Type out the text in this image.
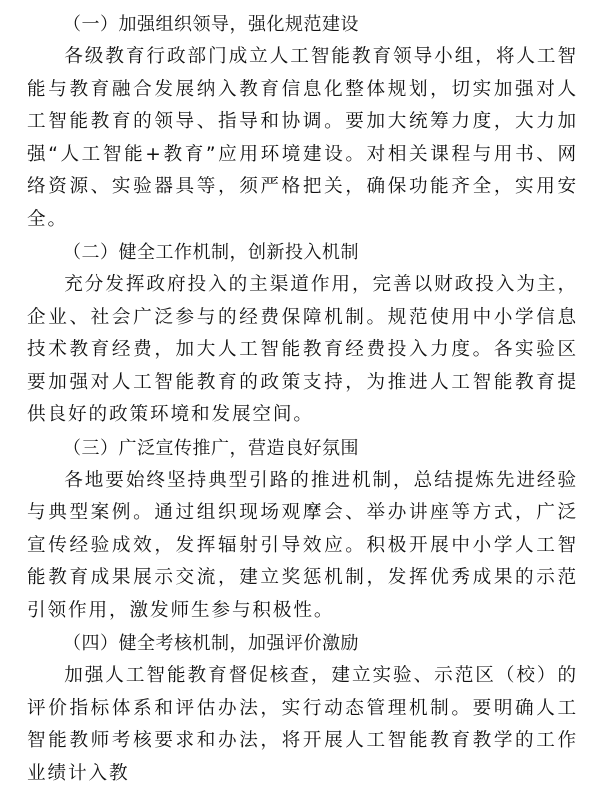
（一）加强组织领导，强化规范建设

各级教育行政部门成立人工智能教育领导小组，将人工智能与教育融合发展纳入教育信息化整体规划，切实加强对人工智能教育的领导、指导和协调。要加大统筹力度，大力加强“人工智能+教育”应用环境建设。对相关课程与用书、网络资源、实验器具等，须严格把关，确保功能齐全，实用安全。

（二）健全工作机制，创新投入机制

充分发挥政府投入的主渠道作用，完善以财政投入为主，企业、社会广泛参与的经费保障机制。规范使用中小学信息技术教育经费，加大人工智能教育经费投入力度。各实验区要加强对人工智能教育的政策支持，为推进人工智能教育提供良好的政策环境和发展空间。

（三）广泛宣传推广，营造良好氛围

各地要始终坚持典型引路的推进机制，总结提炼先进经验与典型案例。通过组织现场观摩会、举办讲座等方式，广泛宣传经验成效，发挥辐射引导效应。积极开展中小学人工智能教育成果展示交流，建立奖惩机制，发挥优秀成果的示范引领作用，激发师生参与积极性。

（四）健全考核机制，加强评价激励

加强人工智能教育督促核查，建立实验、示范区（校）的评价指标体系和评估办法，实行动态管理机制。要明确人工智能教师考核要求和办法，将开展人工智能教育教学的工作业绩计入教
